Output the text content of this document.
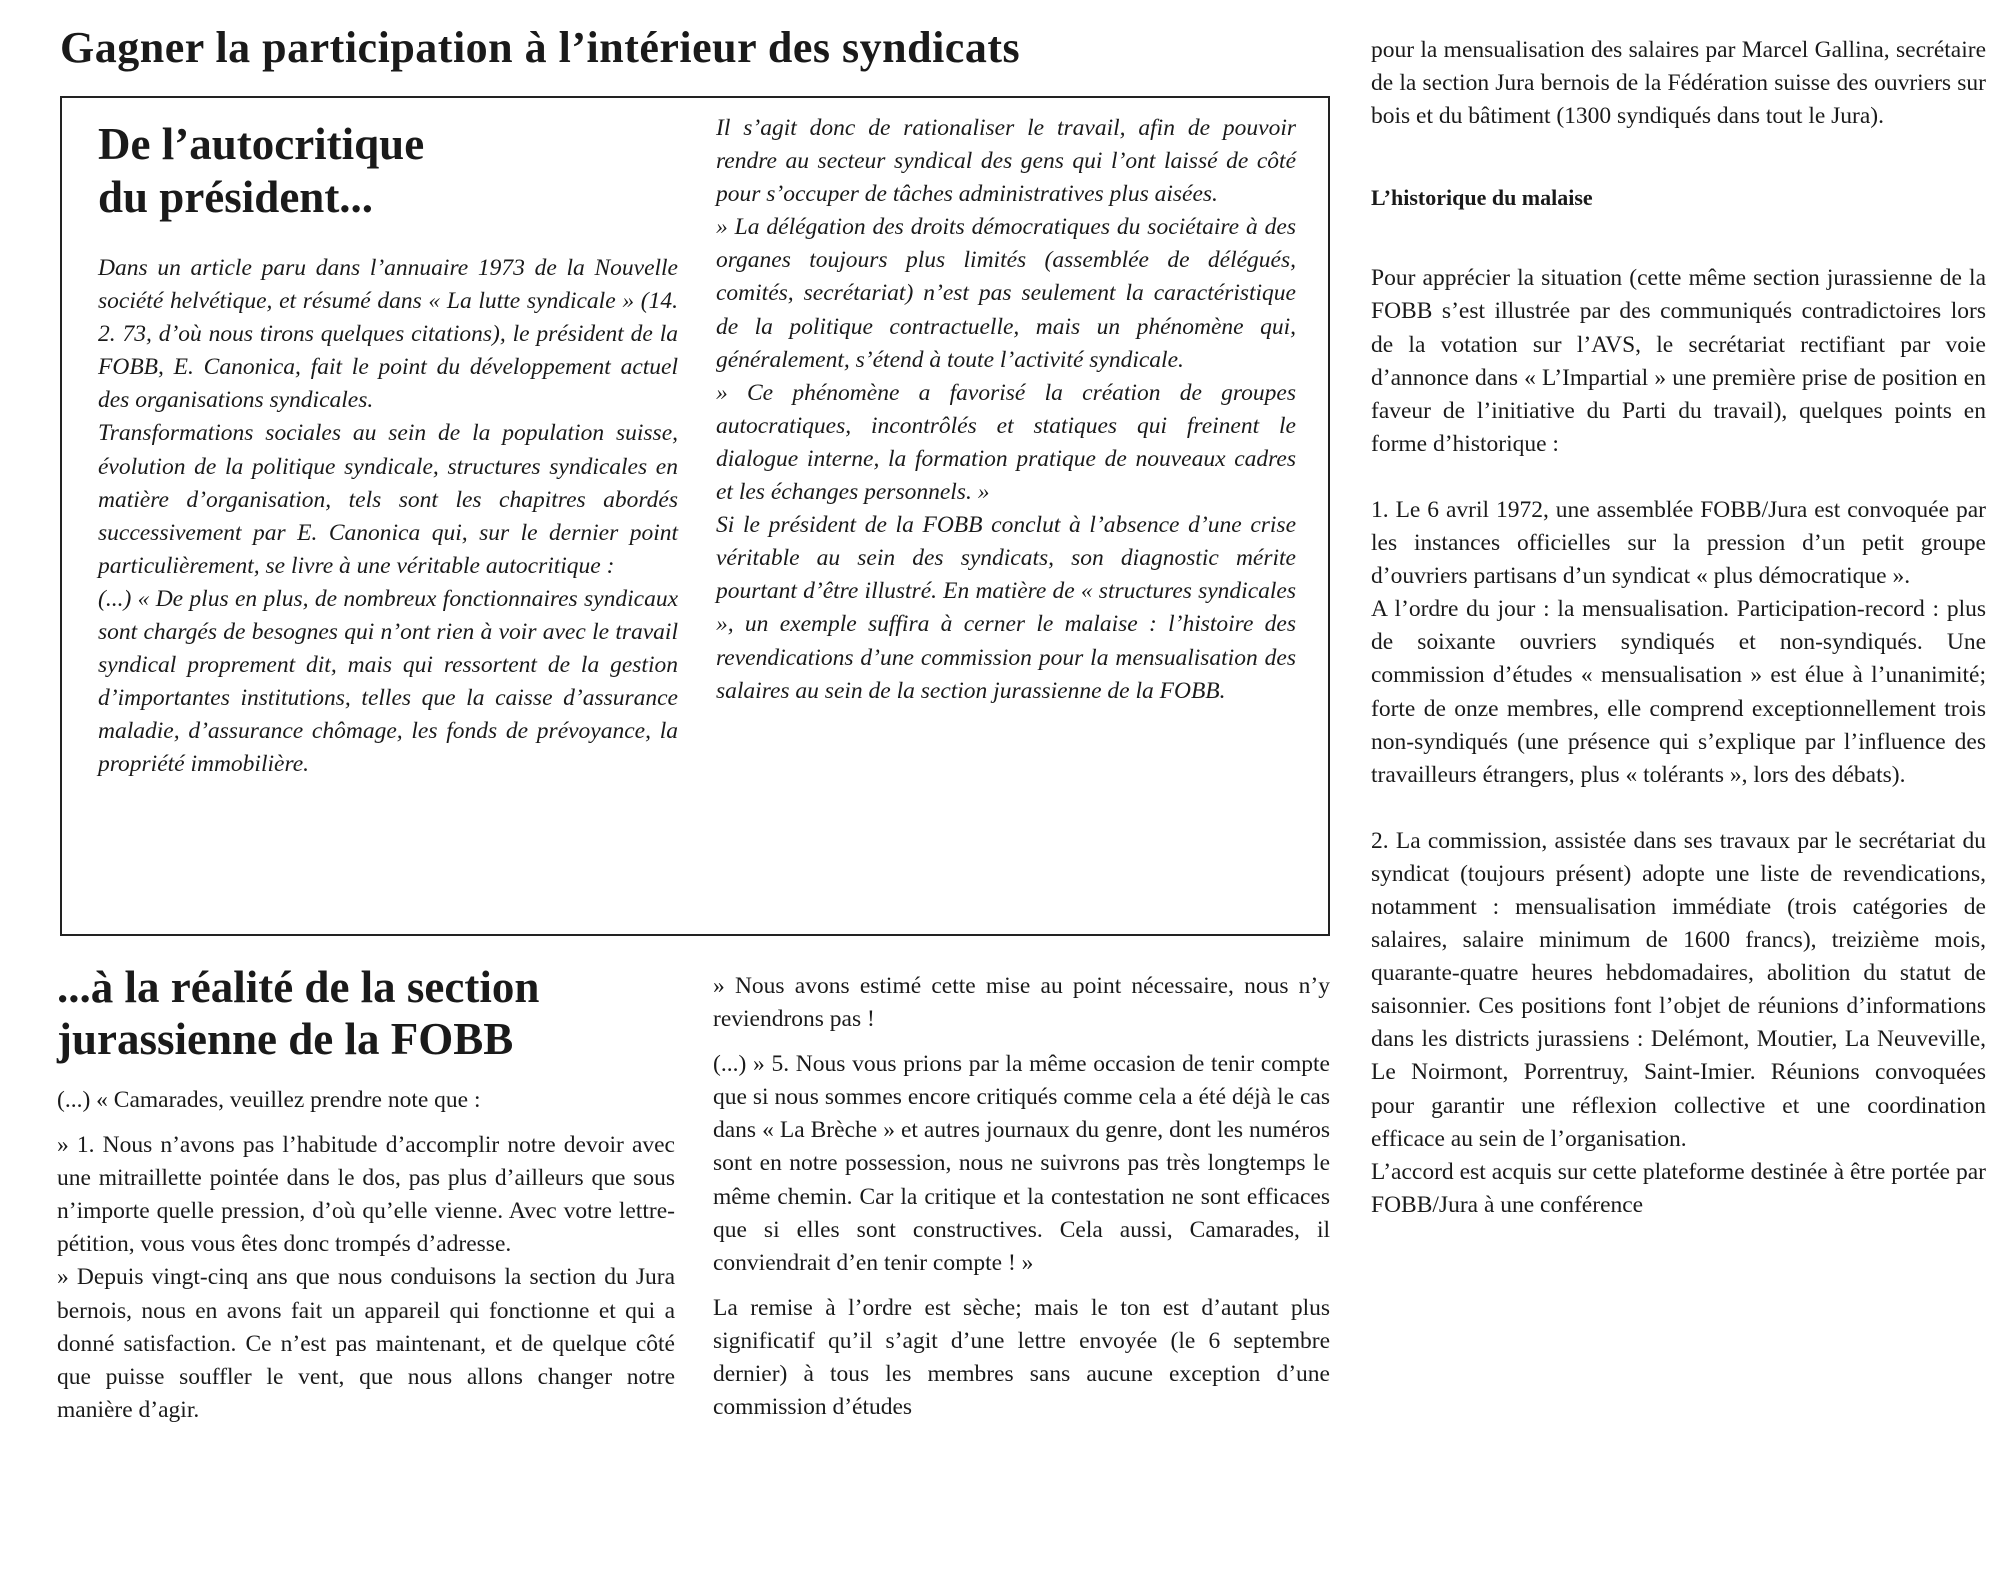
Gagner la participation à l’intérieur des syndicats
De l’autocritique
du président...

Dans un article paru dans l’annuaire 1973 de la Nouvelle société helvétique, et résumé dans « La lutte syndicale » (14. 2. 73, d’où nous tirons quelques citations), le président de la FOBB, E. Canonica, fait le point du développement actuel des organisations syndicales.

Transformations sociales au sein de la population suisse, évolution de la politique syndicale, structures syndicales en matière d’organisation, tels sont les chapitres abordés successivement par E. Canonica qui, sur le dernier point particulièrement, se livre à une véritable autocritique :

(...) « De plus en plus, de nombreux fonctionnaires syndicaux sont chargés de besognes qui n’ont rien à voir avec le travail syndical proprement dit, mais qui ressortent de la gestion d’importantes institutions, telles que la caisse d’assurance maladie, d’assurance chômage, les fonds de prévoyance, la propriété immobilière.

Il s’agit donc de rationaliser le travail, afin de pouvoir rendre au secteur syndical des gens qui l’ont laissé de côté pour s’occuper de tâches administratives plus aisées.

» La délégation des droits démocratiques du sociétaire à des organes toujours plus limités (assemblée de délégués, comités, secrétariat) n’est pas seulement la caractéristique de la politique contractuelle, mais un phénomène qui, généralement, s’étend à toute l’activité syndicale.

» Ce phénomène a favorisé la création de groupes autocratiques, incontrôlés et statiques qui freinent le dialogue interne, la formation pratique de nouveaux cadres et les échanges personnels. »

Si le président de la FOBB conclut à l’absence d’une crise véritable au sein des syndicats, son diagnostic mérite pourtant d’être illustré. En matière de « structures syndicales », un exemple suffira à cerner le malaise : l’histoire des revendications d’une commission pour la mensualisation des salaires au sein de la section jurassienne de la FOBB.

...à la réalité de la section
jurassienne de la FOBB

(...) « Camarades, veuillez prendre note que :

» 1. Nous n’avons pas l’habitude d’accomplir notre devoir avec une mitraillette pointée dans le dos, pas plus d’ailleurs que sous n’importe quelle pression, d’où qu’elle vienne. Avec votre lettre-pétition, vous vous êtes donc trompés d’adresse.

» Depuis vingt-cinq ans que nous conduisons la section du Jura bernois, nous en avons fait un appareil qui fonctionne et qui a donné satisfaction. Ce n’est pas maintenant, et de quelque côté que puisse souffler le vent, que nous allons changer notre manière d’agir.

» Nous avons estimé cette mise au point nécessaire, nous n’y reviendrons pas !

(...) » 5. Nous vous prions par la même occasion de tenir compte que si nous sommes encore critiqués comme cela a été déjà le cas dans « La Brèche » et autres journaux du genre, dont les numéros sont en notre possession, nous ne suivrons pas très longtemps le même chemin. Car la critique et la contestation ne sont efficaces que si elles sont constructives. Cela aussi, Camarades, il conviendrait d’en tenir compte ! »

La remise à l’ordre est sèche; mais le ton est d’autant plus significatif qu’il s’agit d’une lettre envoyée (le 6 septembre dernier) à tous les membres sans aucune exception d’une commission d’études

pour la mensualisation des salaires par Marcel Gallina, secrétaire de la section Jura bernois de la Fédération suisse des ouvriers sur bois et du bâtiment (1300 syndiqués dans tout le Jura).

L’historique du malaise

Pour apprécier la situation (cette même section jurassienne de la FOBB s’est illustrée par des communiqués contradictoires lors de la votation sur l’AVS, le secrétariat rectifiant par voie d’annonce dans « L’Impartial » une première prise de position en faveur de l’initiative du Parti du travail), quelques points en forme d’historique :

1. Le 6 avril 1972, une assemblée FOBB/Jura est convoquée par les instances officielles sur la pression d’un petit groupe d’ouvriers partisans d’un syndicat « plus démocratique ».

A l’ordre du jour : la mensualisation. Participation-record : plus de soixante ouvriers syndiqués et non-syndiqués. Une commission d’études « mensualisation » est élue à l’unanimité; forte de onze membres, elle comprend exceptionnellement trois non-syndiqués (une présence qui s’explique par l’influence des travailleurs étrangers, plus « tolérants », lors des débats).

2. La commission, assistée dans ses travaux par le secrétariat du syndicat (toujours présent) adopte une liste de revendications, notamment : mensualisation immédiate (trois catégories de salaires, salaire minimum de 1600 francs), treizième mois, quarante-quatre heures hebdomadaires, abolition du statut de saisonnier. Ces positions font l’objet de réunions d’informations dans les districts jurassiens : Delémont, Moutier, La Neuveville, Le Noirmont, Porrentruy, Saint-Imier. Réunions convoquées pour garantir une réflexion collective et une coordination efficace au sein de l’organisation.

L’accord est acquis sur cette plateforme destinée à être portée par FOBB/Jura à une conférence
